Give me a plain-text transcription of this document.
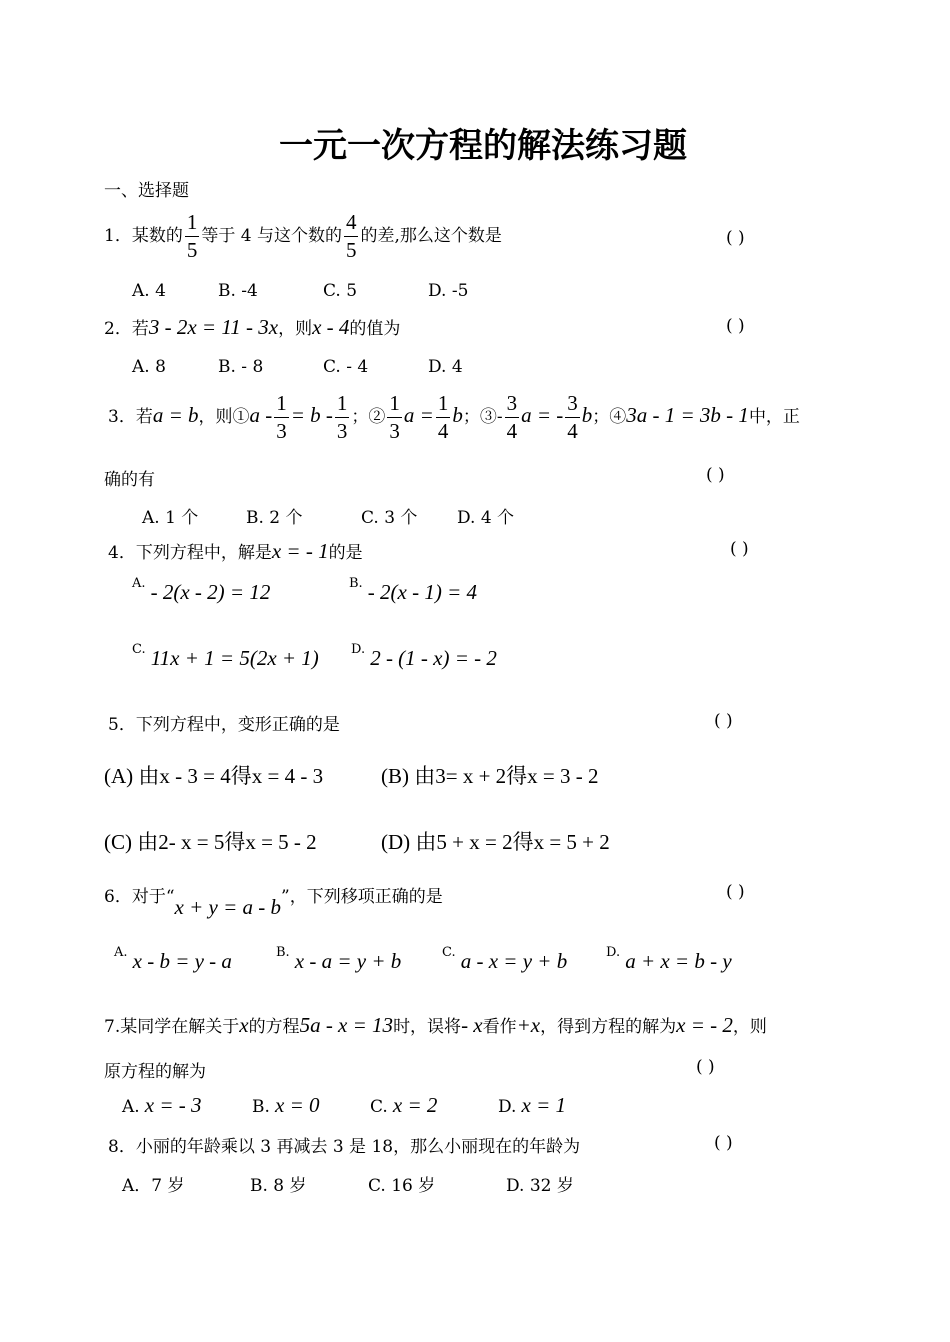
一元一次方程的解法练习题
一、选择题
1．某数的 $\frac{1}{5}$ 等于 4 与这个数的 $\frac{4}{5}$ 的差,那么这个数是	( )
A. 4	B. -4	C. 5	D. -5
2．若3 - 2x = 11 - 3x，则x - 4的值为	( )
A. 8	B. - 8	C. - 4	D. 4
3．若a = b，则①a - $\frac{1}{3} = b - \frac{1}{3}$ ；② $\frac{1}{3}$ $a = \frac{1}{4}$ b；③- $\frac{3}{4}$ a = - $\frac{3}{4}$ b；④3a - 1 = 3b - 1中，正
确的有	( )
A. 1 个	B. 2 个	C. 3 个 D. 4 个
4．下列方程中，解是x = - 1的是	( )
$^{A.}$ - 2(x - 2) = 12	$^{B.}$ - 2(x - 1) = 4
$^{C.}$ 11x + 1 = 5(2x + 1) $^{D.}$ 2 - (1 - x) = - 2
5．下列方程中，变形正确的是	( )
(A) 由x - 3 = 4得x = 4 - 3	(B) 由3= x + 2得x = 3 - 2
(C) 由2- x = 5得x = 5 - 2	(D) 由5 + x = 2得x = 5 + 2
6．对于“x + y = a - b”，下列移项正确的是	( )
$^{A.}$ x - b = y - a	$^{B.}$ x - a = y + b	$^{C.}$ a - x = y + b	$^{D.}$ a + x = b - y
7.某同学在解关于x的方程5a - x = 13时，误将- x看作+x，得到方程的解为x = - 2，则
原方程的解为	( )
A. x = - 3	B. x = 0	C. x = 2	D. x = 1
8．小丽的年龄乘以 3 再减去 3 是 18，那么小丽现在的年龄为	( )
A．7 岁	B. 8 岁	C. 16 岁	D. 32 岁
